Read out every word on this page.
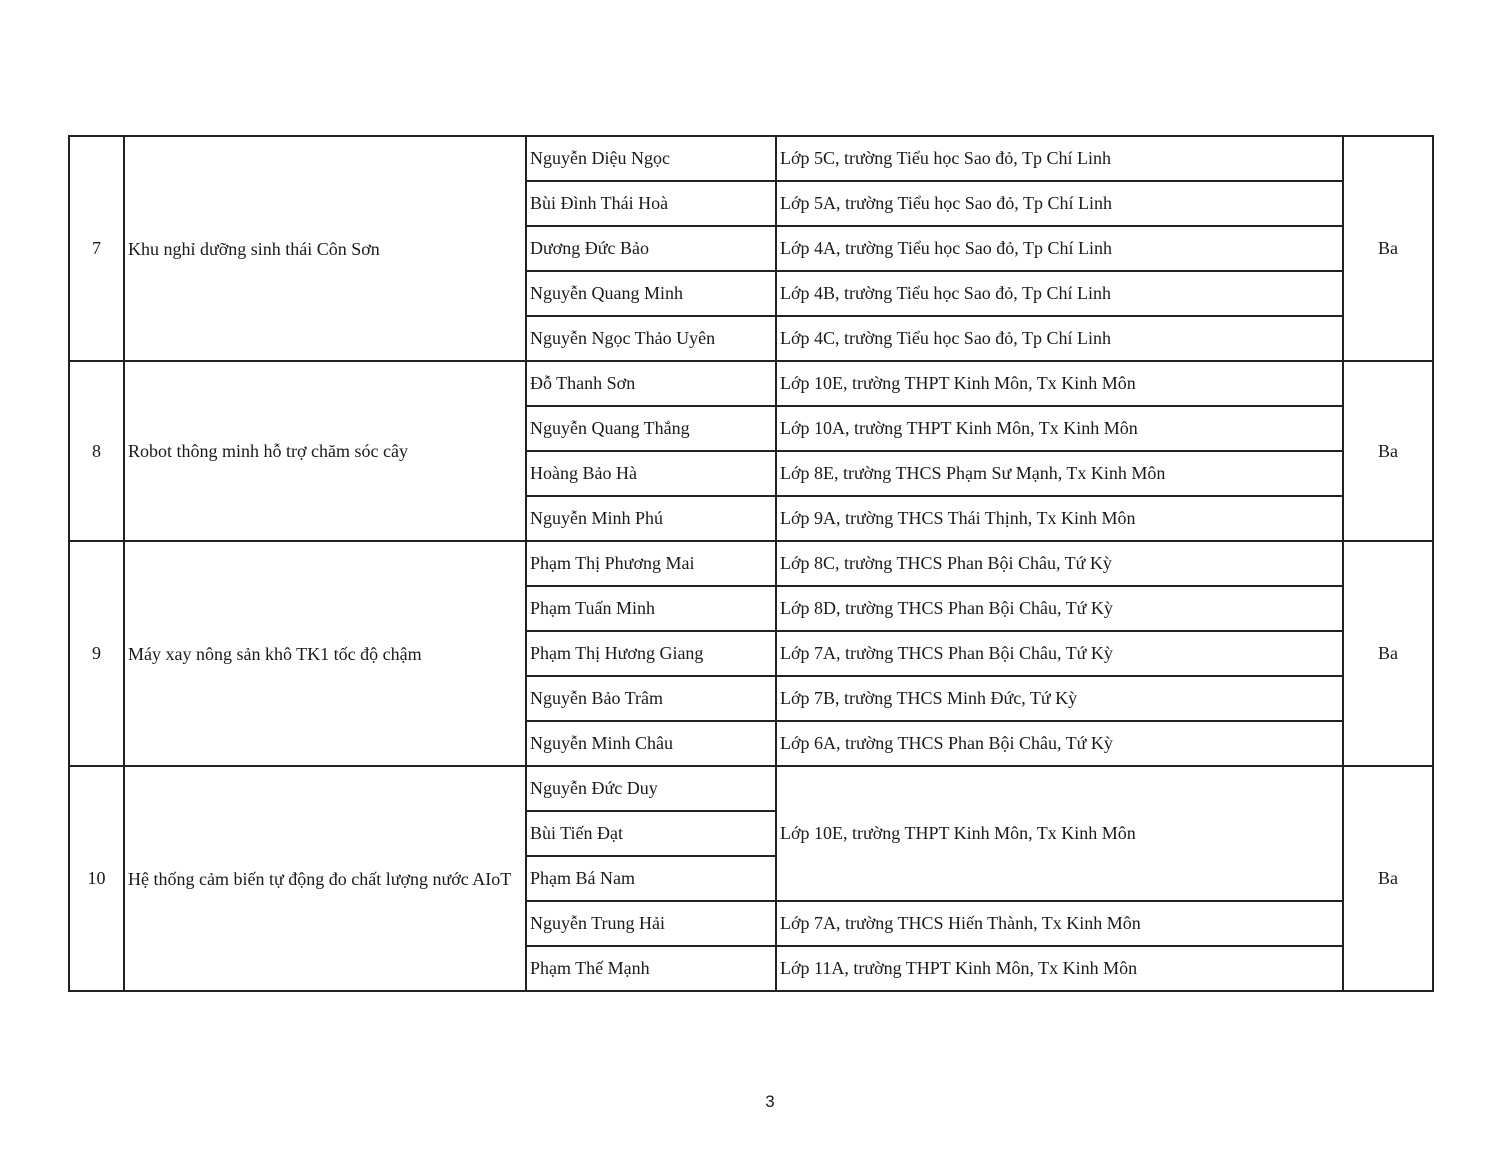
7	Khu nghỉ dưỡng sinh thái Côn Sơn	Nguyễn Diệu Ngọc	Lớp 5C, trường Tiểu học Sao đỏ, Tp Chí Linh	Ba
		Bùi Đình Thái Hoà	Lớp 5A, trường Tiểu học Sao đỏ, Tp Chí Linh	
		Dương Đức Bảo	Lớp 4A, trường Tiểu học Sao đỏ, Tp Chí Linh	
		Nguyễn Quang Minh	Lớp 4B, trường Tiểu học Sao đỏ, Tp Chí Linh	
		Nguyễn Ngọc Thảo Uyên	Lớp 4C, trường Tiểu học Sao đỏ, Tp Chí Linh	
8	Robot thông minh hỗ trợ chăm sóc cây	Đỗ Thanh Sơn	Lớp 10E, trường THPT Kinh Môn, Tx Kinh Môn	Ba
		Nguyễn Quang Thắng	Lớp 10A, trường THPT Kinh Môn, Tx Kinh Môn	
		Hoàng Bảo Hà	Lớp 8E, trường THCS Phạm Sư Mạnh, Tx Kinh Môn	
		Nguyễn Minh Phú	Lớp 9A, trường THCS Thái Thịnh, Tx Kinh Môn	
9	Máy xay nông sản khô TK1 tốc độ chậm	Phạm Thị Phương Mai	Lớp 8C, trường THCS Phan Bội Châu, Tứ Kỳ	Ba
		Phạm Tuấn Minh	Lớp 8D, trường THCS Phan Bội Châu, Tứ Kỳ	
		Phạm Thị Hương Giang	Lớp 7A, trường THCS Phan Bội Châu, Tứ Kỳ	
		Nguyễn Bảo Trâm	Lớp 7B, trường THCS Minh Đức, Tứ Kỳ	
		Nguyễn Minh Châu	Lớp 6A, trường THCS Phan Bội Châu, Tứ Kỳ	
10	Hệ thống cảm biến tự động đo chất lượng nước AIoT	Nguyễn Đức Duy	Lớp 10E, trường THPT Kinh Môn, Tx Kinh Môn	Ba
		Bùi Tiến Đạt		
		Phạm Bá Nam		
		Nguyễn Trung Hải	Lớp 7A, trường THCS Hiến Thành, Tx Kinh Môn	
		Phạm Thế Mạnh	Lớp 11A, trường THPT Kinh Môn, Tx Kinh Môn	
3
